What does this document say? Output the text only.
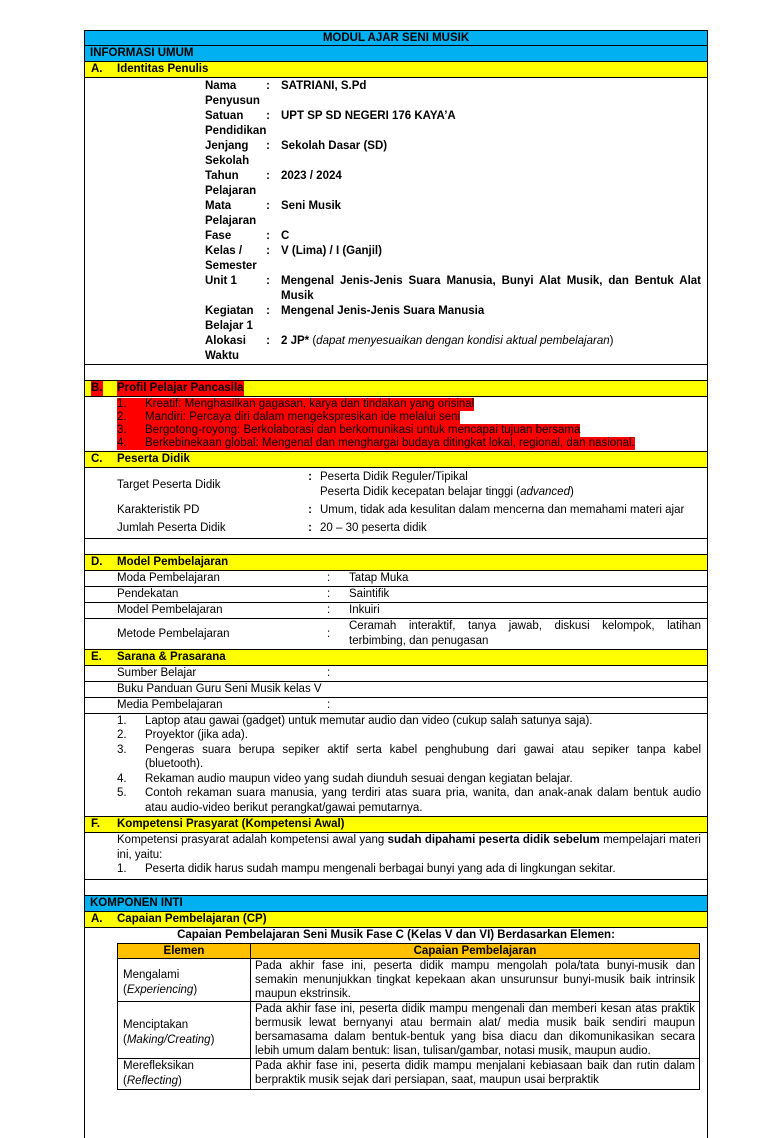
MODUL AJAR SENI MUSIK
INFORMASI UMUM
A. Identitas Penulis
Nama Penyusun
: SATRIANI, S.Pd
Satuan Pendidikan
: UPT SP SD NEGERI 176 KAYA’A
Jenjang Sekolah
: Sekolah Dasar (SD)
Tahun Pelajaran
: 2023 / 2024
Mata Pelajaran
: Seni Musik
Fase	: C
Kelas / Semester
: V (Lima) / I (Ganjil)
Unit 1	: Mengenal Jenis-Jenis Suara Manusia, Bunyi Alat Musik, dan Bentuk Alat Musik
Kegiatan Belajar 1
: Mengenal Jenis-Jenis Suara Manusia
Alokasi Waktu
: 2 JP* (dapat menyesuaikan dengan kondisi aktual pembelajaran)
B. Profil Pelajar Pancasila
1.	Kreatif: Menghasilkan gagasan, karya dan tindakan yang orisinal
2.	Mandiri: Percaya diri dalam mengekspresikan ide melalui seni
3.	Bergotong-royong: Berkolaborasi dan berkomunikasi untuk mencapai tujuan bersama
4.	Berkebinekaan global: Mengenal dan menghargai budaya ditingkat lokal, regional, dan nasional.
C. Peserta Didik
Target Peserta Didik
: Peserta Didik Reguler/Tipikal
Peserta Didik kecepatan belajar tinggi (advanced)
Karakteristik PD	: Umum, tidak ada kesulitan dalam mencerna dan memahami materi ajar
Jumlah Peserta Didik	: 20 – 30 peserta didik
D. Model Pembelajaran
Moda Pembelajaran	:	Tatap Muka
Pendekatan	:	Saintifik
Model Pembelajaran	:	Inkuiri
Metode Pembelajaran	:
Ceramah interaktif, tanya jawab, diskusi kelompok, latihan terbimbing, dan penugasan
E. Sarana & Prasarana
Sumber Belajar	:
Buku Panduan Guru Seni Musik kelas V
Media Pembelajaran	:
1.	Laptop atau gawai (gadget) untuk memutar audio dan video (cukup salah satunya saja).
2.	Proyektor (jika ada).
3.	Pengeras suara berupa sepiker aktif serta kabel penghubung dari gawai atau sepiker tanpa kabel (bluetooth).
4.	Rekaman audio maupun video yang sudah diunduh sesuai dengan kegiatan belajar.
5.	Contoh rekaman suara manusia, yang terdiri atas suara pria, wanita, dan anak-anak dalam bentuk audio atau audio-video berikut perangkat/gawai pemutarnya.
F. Kompetensi Prasyarat (Kompetensi Awal)
Kompetensi prasyarat adalah kompetensi awal yang sudah dipahami peserta didik sebelum mempelajari materi ini, yaitu:
1.	Peserta didik harus sudah mampu mengenali berbagai bunyi yang ada di lingkungan sekitar.
KOMPONEN INTI
A. Capaian Pembelajaran (CP)
Capaian Pembelajaran Seni Musik Fase C (Kelas V dan VI) Berdasarkan Elemen:
Elemen	Capaian Pembelajaran
Mengalami
(Experiencing)	Pada akhir fase ini, peserta didik mampu mengolah pola/tata bunyi-musik dan semakin menunjukkan tingkat kepekaan akan unsurunsur bunyi-musik baik intrinsik maupun ekstrinsik.
Menciptakan
(Making/Creating)	Pada akhir fase ini, peserta didik mampu mengenali dan memberi kesan atas praktik bermusik lewat bernyanyi atau bermain alat/ media musik baik sendiri maupun bersamasama dalam bentuk-bentuk yang bisa diacu dan dikomunikasikan secara lebih umum dalam bentuk: lisan, tulisan/gambar, notasi musik, maupun audio.
Merefleksikan
(Reflecting)	Pada akhir fase ini, peserta didik mampu menjalani kebiasaan baik dan rutin dalam berpraktik musik sejak dari persiapan, saat, maupun usai berpraktik
